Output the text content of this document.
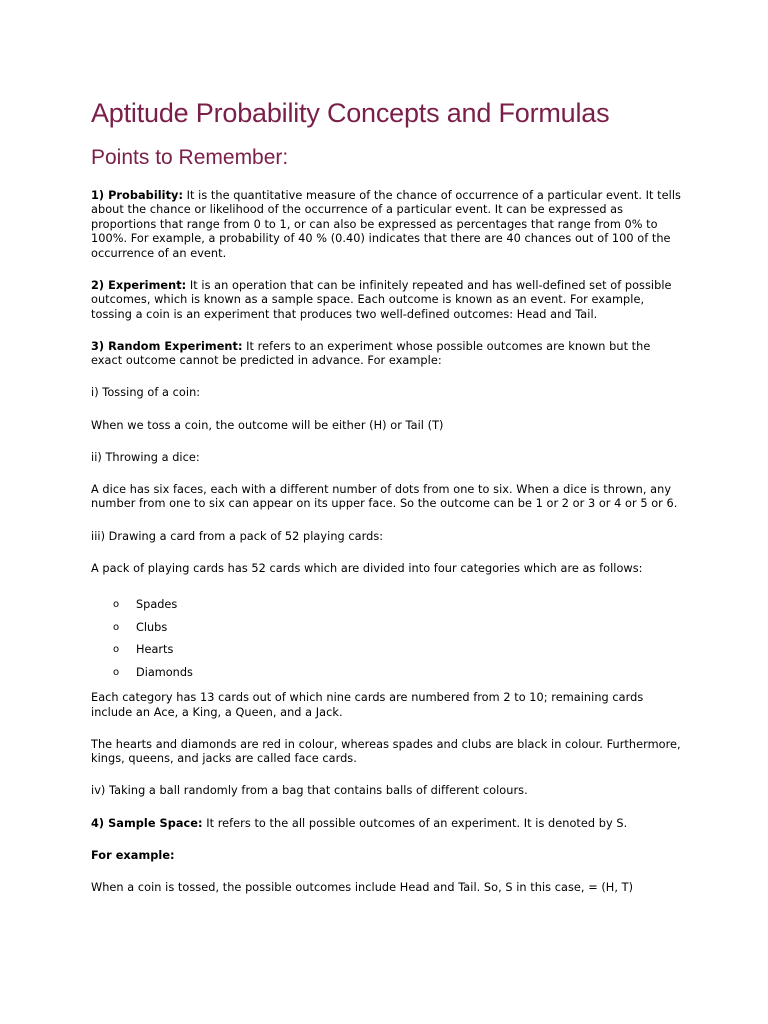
Aptitude Probability Concepts and Formulas
Points to Remember:

1) Probability: It is the quantitative measure of the chance of occurrence of a particular event. It tells about the chance or likelihood of the occurrence of a particular event. It can be expressed as proportions that range from 0 to 1, or can also be expressed as percentages that range from 0% to 100%. For example, a probability of 40 % (0.40) indicates that there are 40 chances out of 100 of the occurrence of an event.

2) Experiment: It is an operation that can be infinitely repeated and has well-defined set of possible outcomes, which is known as a sample space. Each outcome is known as an event. For example, tossing a coin is an experiment that produces two well-defined outcomes: Head and Tail.

3) Random Experiment: It refers to an experiment whose possible outcomes are known but the exact outcome cannot be predicted in advance. For example:

i) Tossing of a coin:

When we toss a coin, the outcome will be either (H) or Tail (T)

ii) Throwing a dice:

A dice has six faces, each with a different number of dots from one to six. When a dice is thrown, any number from one to six can appear on its upper face. So the outcome can be 1 or 2 or 3 or 4 or 5 or 6.

iii) Drawing a card from a pack of 52 playing cards:

A pack of playing cards has 52 cards which are divided into four categories which are as follows:

o Spades
o Clubs
o Hearts
o Diamonds

Each category has 13 cards out of which nine cards are numbered from 2 to 10; remaining cards include an Ace, a King, a Queen, and a Jack.

The hearts and diamonds are red in colour, whereas spades and clubs are black in colour. Furthermore, kings, queens, and jacks are called face cards.

iv) Taking a ball randomly from a bag that contains balls of different colours.

4) Sample Space: It refers to the all possible outcomes of an experiment. It is denoted by S.

For example:

When a coin is tossed, the possible outcomes include Head and Tail. So, S in this case, = (H, T)
